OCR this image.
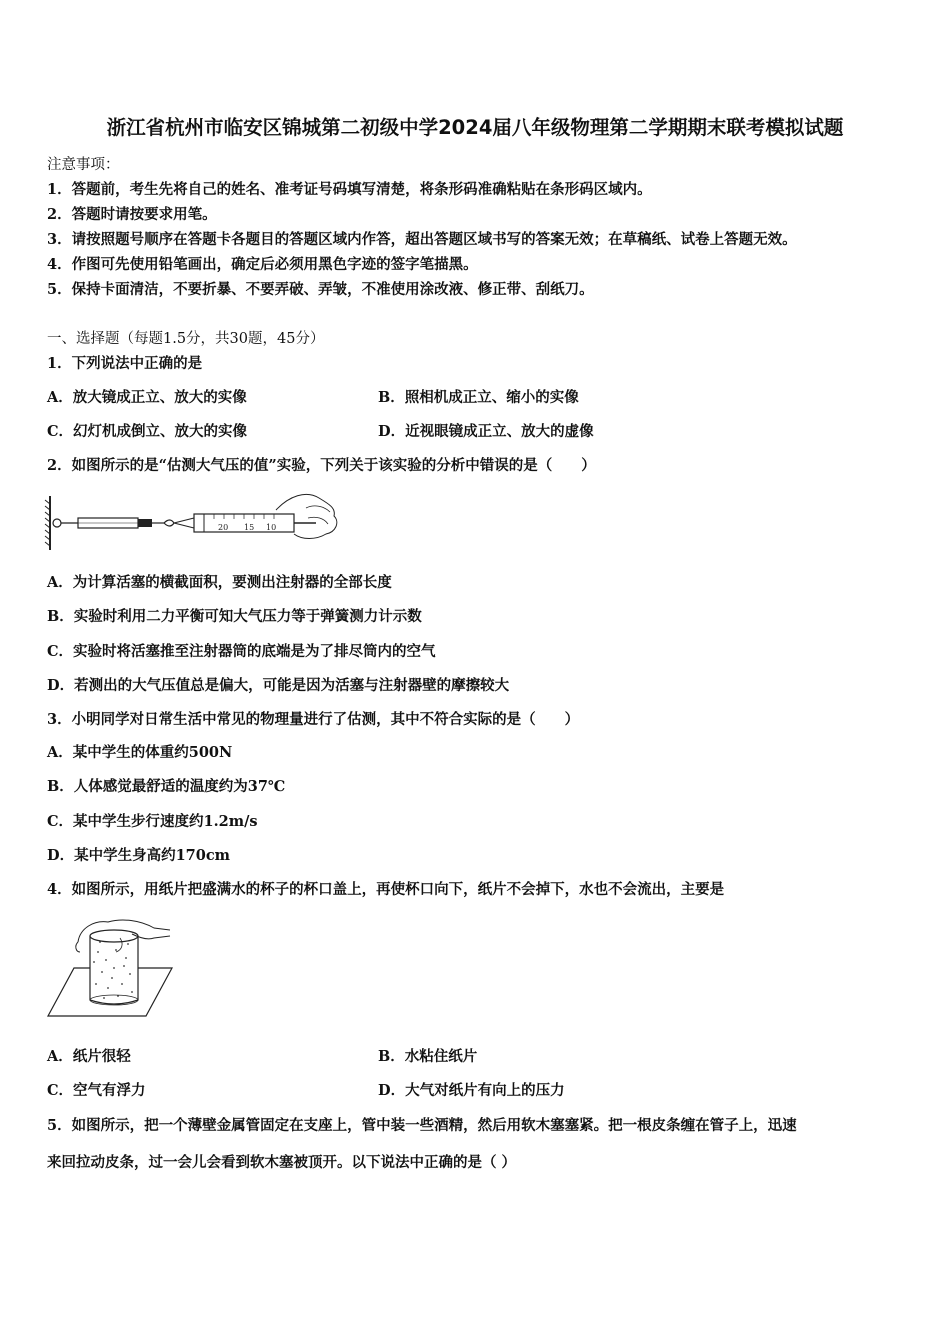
浙江省杭州市临安区锦城第二初级中学2024届八年级物理第二学期期末联考模拟试题
注意事项：
1．答题前，考生先将自己的姓名、准考证号码填写清楚，将条形码准确粘贴在条形码区域内。
2．答题时请按要求用笔。
3．请按照题号顺序在答题卡各题目的答题区域内作答，超出答题区域书写的答案无效；在草稿纸、试卷上答题无效。
4．作图可先使用铅笔画出，确定后必须用黑色字迹的签字笔描黑。
5．保持卡面清洁，不要折暴、不要弄破、弄皱，不准使用涂改液、修正带、刮纸刀。
一、选择题（每题1.5分，共30题，45分）
1．下列说法中正确的是
A．放大镜成正立、放大的实像	B．照相机成正立、缩小的实像
C．幻灯机成倒立、放大的实像	D．近视眼镜成正立、放大的虚像
2．如图所示的是“估测大气压的值”实验，下列关于该实验的分析中错误的是（　　）
20 15 10
A．为计算活塞的横截面积，要测出注射器的全部长度
B．实验时利用二力平衡可知大气压力等于弹簧测力计示数
C．实验时将活塞推至注射器筒的底端是为了排尽筒内的空气
D．若测出的大气压值总是偏大，可能是因为活塞与注射器壁的摩擦较大
3．小明同学对日常生活中常见的物理量进行了估测，其中不符合实际的是（　　）
A．某中学生的体重约500N
B．人体感觉最舒适的温度约为37℃
C．某中学生步行速度约1.2m/s
D．某中学生身高约170cm
4．如图所示，用纸片把盛满水的杯子的杯口盖上，再使杯口向下，纸片不会掉下，水也不会流出，主要是
A．纸片很轻	B．水粘住纸片
C．空气有浮力	D．大气对纸片有向上的压力
5．如图所示，把一个薄壁金属管固定在支座上，管中装一些酒精，然后用软木塞塞紧。把一根皮条缠在管子上，迅速
来回拉动皮条，过一会儿会看到软木塞被顶开。以下说法中正确的是（ ）
